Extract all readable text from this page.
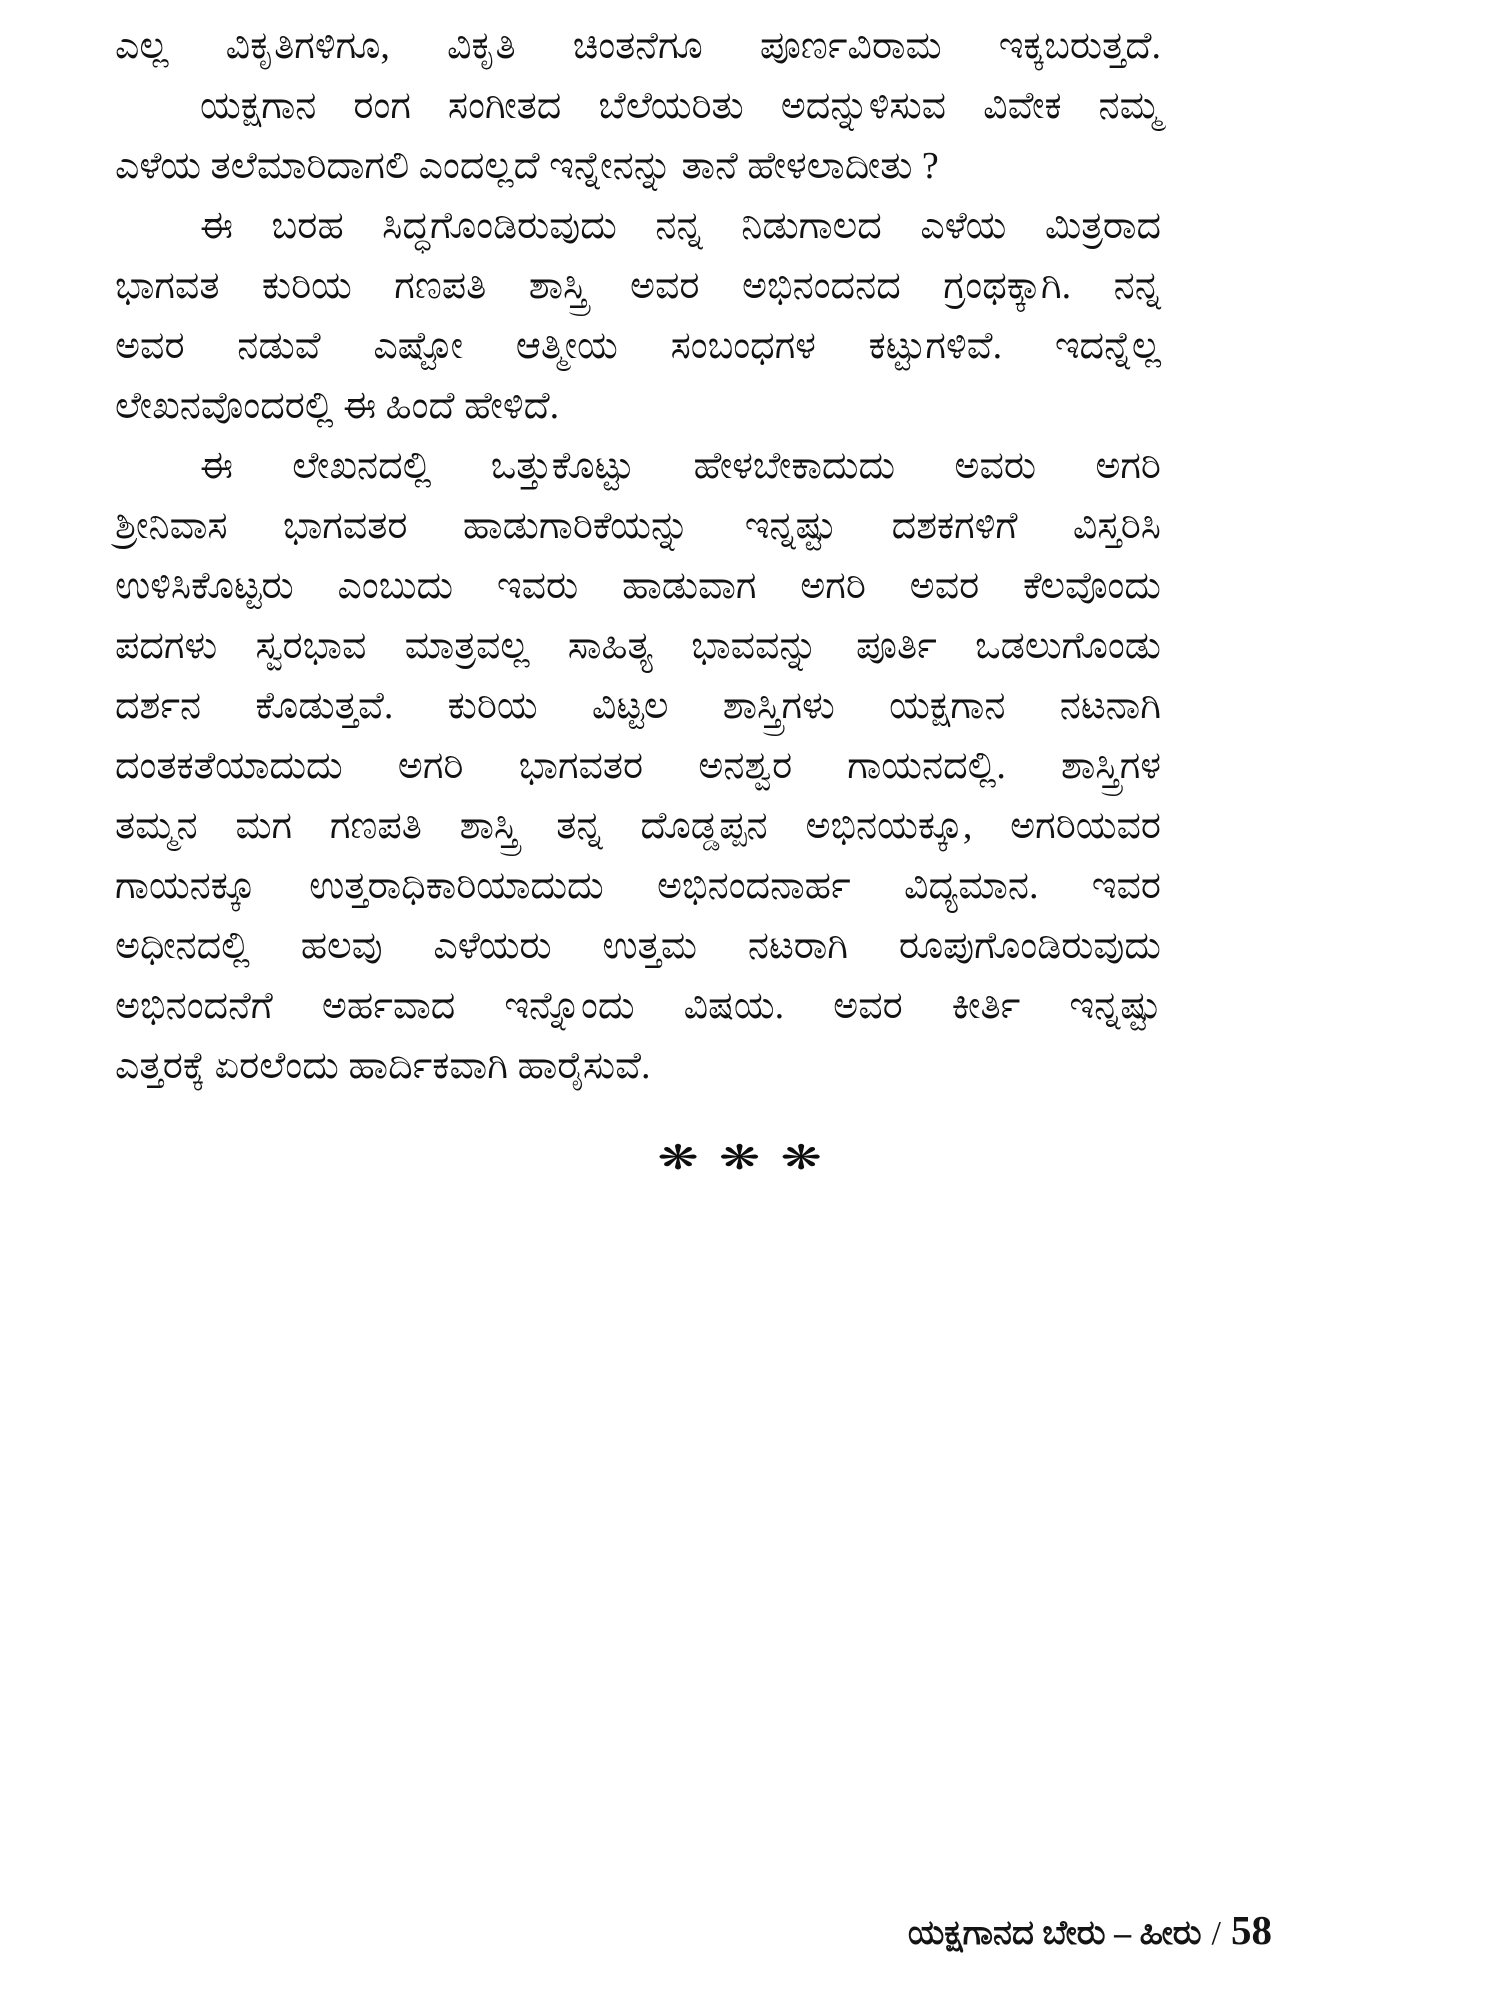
ಎಲ್ಲ ವಿಕೃತಿಗಳಿಗೂ, ವಿಕೃತಿ ಚಿಂತನೆಗೂ ಪೂರ್ಣವಿರಾಮ ಇಕ್ಕಬರುತ್ತದೆ.
ಯಕ್ಷಗಾನ ರಂಗ ಸಂಗೀತದ ಬೆಲೆಯರಿತು ಅದನ್ನುಳಿಸುವ ವಿವೇಕ ನಮ್ಮ
ಎಳೆಯ ತಲೆಮಾರಿದಾಗಲಿ ಎಂದಲ್ಲದೆ ಇನ್ನೇನನ್ನು ತಾನೆ ಹೇಳಲಾದೀತು ?
ಈ ಬರಹ ಸಿದ್ಧಗೊಂಡಿರುವುದು ನನ್ನ ನಿಡುಗಾಲದ ಎಳೆಯ ಮಿತ್ರರಾದ
ಭಾಗವತ ಕುರಿಯ ಗಣಪತಿ ಶಾಸ್ತ್ರಿ ಅವರ ಅಭಿನಂದನದ ಗ್ರಂಥಕ್ಕಾಗಿ. ನನ್ನ
ಅವರ ನಡುವೆ ಎಷ್ಟೋ ಆತ್ಮೀಯ ಸಂಬಂಧಗಳ ಕಟ್ಟುಗಳಿವೆ. ಇದನ್ನೆಲ್ಲ
ಲೇಖನವೊಂದರಲ್ಲಿ ಈ ಹಿಂದೆ ಹೇಳಿದೆ.
ಈ ಲೇಖನದಲ್ಲಿ ಒತ್ತುಕೊಟ್ಟು ಹೇಳಬೇಕಾದುದು ಅವರು ಅಗರಿ
ಶ್ರೀನಿವಾಸ ಭಾಗವತರ ಹಾಡುಗಾರಿಕೆಯನ್ನು ಇನ್ನಷ್ಟು ದಶಕಗಳಿಗೆ ವಿಸ್ತರಿಸಿ
ಉಳಿಸಿಕೊಟ್ಟರು ಎಂಬುದು ಇವರು ಹಾಡುವಾಗ ಅಗರಿ ಅವರ ಕೆಲವೊಂದು
ಪದಗಳು ಸ್ವರಭಾವ ಮಾತ್ರವಲ್ಲ ಸಾಹಿತ್ಯ ಭಾವವನ್ನು ಪೂರ್ತಿ ಒಡಲುಗೊಂಡು
ದರ್ಶನ ಕೊಡುತ್ತವೆ. ಕುರಿಯ ವಿಟ್ಟಲ ಶಾಸ್ತ್ರಿಗಳು ಯಕ್ಷಗಾನ ನಟನಾಗಿ
ದಂತಕತೆಯಾದುದು ಅಗರಿ ಭಾಗವತರ ಅನಶ್ವರ ಗಾಯನದಲ್ಲಿ. ಶಾಸ್ತ್ರಿಗಳ
ತಮ್ಮನ ಮಗ ಗಣಪತಿ ಶಾಸ್ತ್ರಿ ತನ್ನ ದೊಡ್ಡಪ್ಪನ ಅಭಿನಯಕ್ಕೂ, ಅಗರಿಯವರ
ಗಾಯನಕ್ಕೂ ಉತ್ತರಾಧಿಕಾರಿಯಾದುದು ಅಭಿನಂದನಾರ್ಹ ವಿದ್ಯಮಾನ. ಇವರ
ಅಧೀನದಲ್ಲಿ ಹಲವು ಎಳೆಯರು ಉತ್ತಮ ನಟರಾಗಿ ರೂಪುಗೊಂಡಿರುವುದು
ಅಭಿನಂದನೆಗೆ ಅರ್ಹವಾದ ಇನ್ನೊಂದು ವಿಷಯ. ಅವರ ಕೀರ್ತಿ ಇನ್ನಷ್ಟು
ಎತ್ತರಕ್ಕೆ ಏರಲೆಂದು ಹಾರ್ದಿಕವಾಗಿ ಹಾರೈಸುವೆ.
❋❋❋
ಯಕ್ಷಗಾನದ ಬೇರು – ಹೀರು / 58
